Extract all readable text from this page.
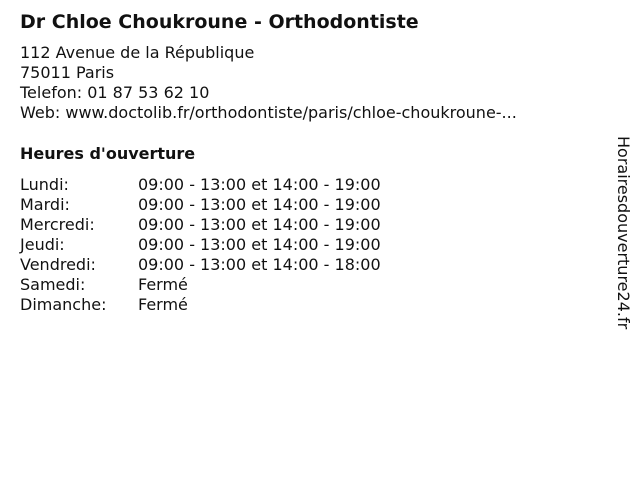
Dr Chloe Choukroune - Orthodontiste
112 Avenue de la République
75011 Paris
Telefon: 01 87 53 62 10
Web: www.doctolib.fr/orthodontiste/paris/chloe-choukroune-...
Heures d'ouverture
Lundi:	09:00 - 13:00 et 14:00 - 19:00
Mardi:	09:00 - 13:00 et 14:00 - 19:00
Mercredi:	09:00 - 13:00 et 14:00 - 19:00
Jeudi:	09:00 - 13:00 et 14:00 - 19:00
Vendredi:	09:00 - 13:00 et 14:00 - 18:00
Samedi:	Fermé
Dimanche:	Fermé	Horairesdouverture24.fr
